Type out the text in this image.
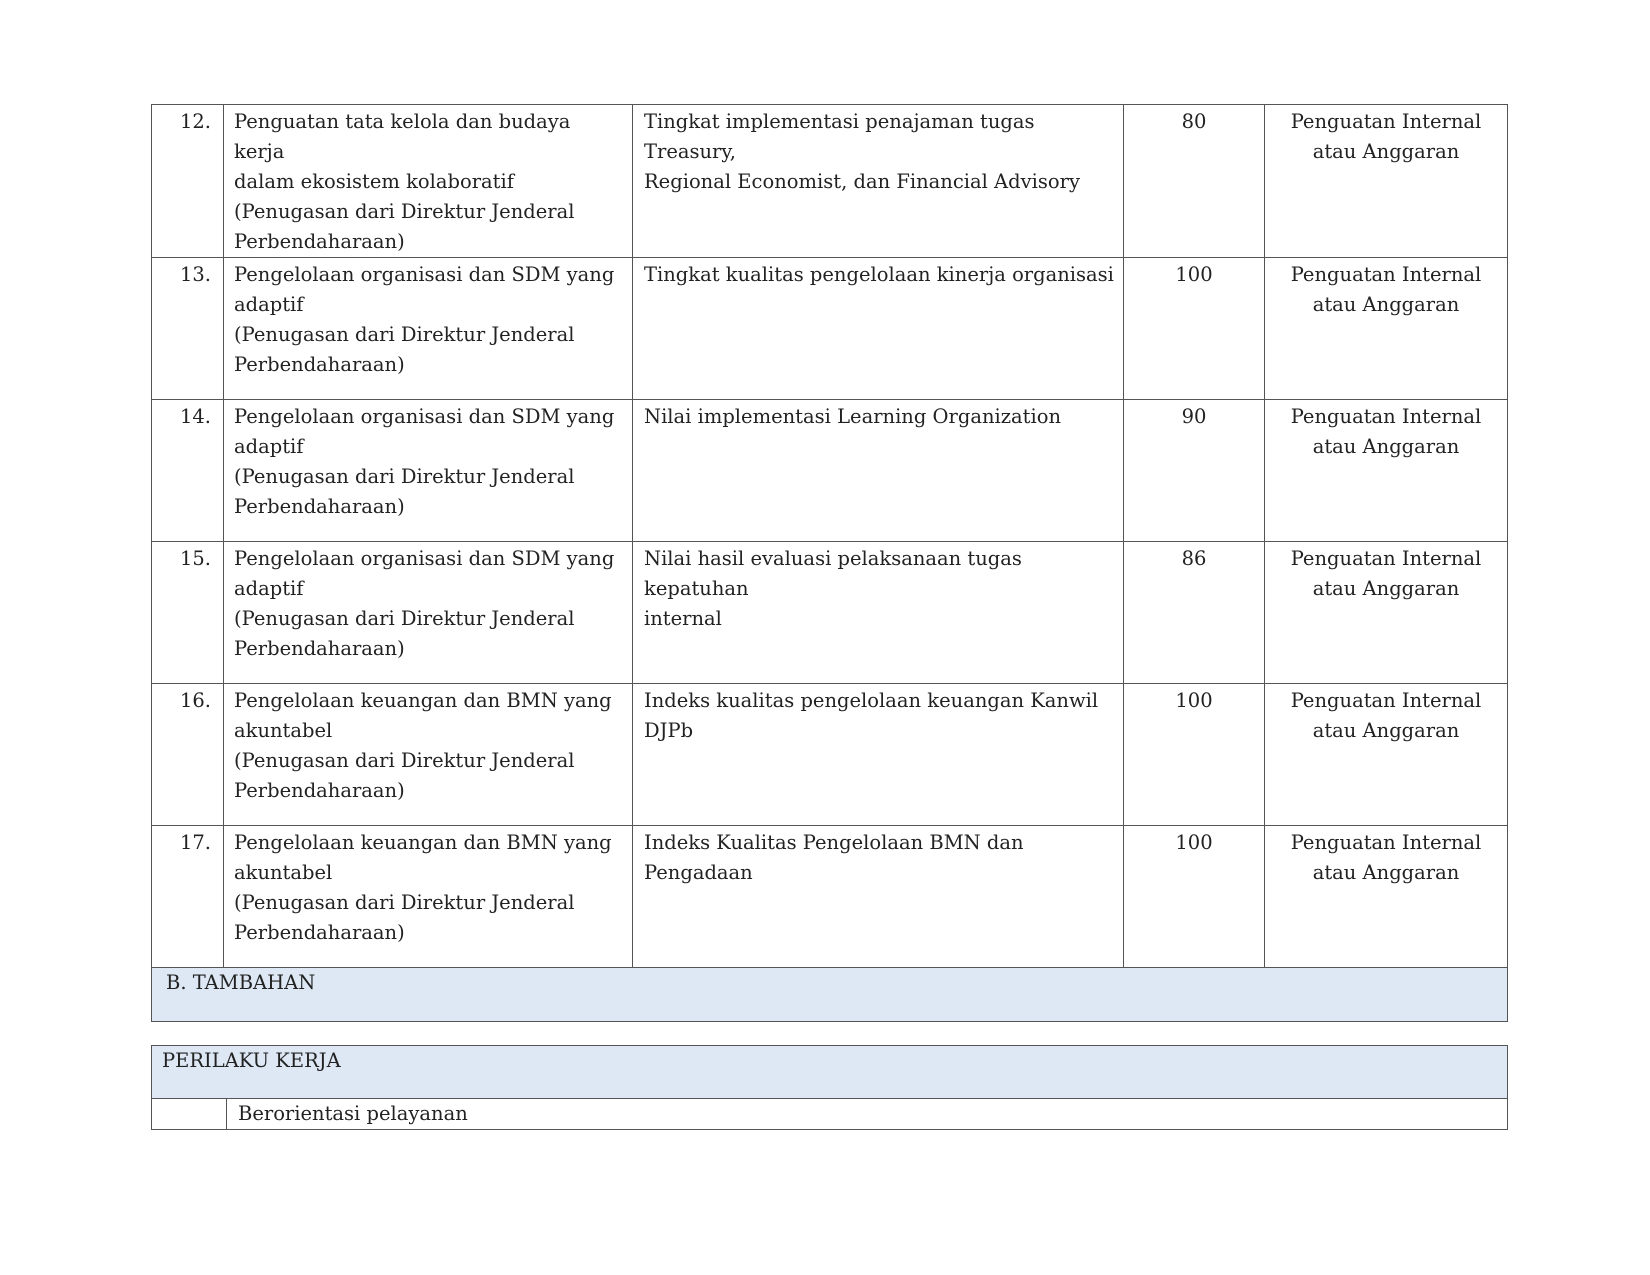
12.	Penguatan tata kelola dan budaya kerja
dalam ekosistem kolaboratif
(Penugasan dari Direktur Jenderal
Perbendaharaan)	Tingkat implementasi penajaman tugas Treasury,
Regional Economist, dan Financial Advisory	80	Penguatan Internal
atau Anggaran

13.	Pengelolaan organisasi dan SDM yang
adaptif
(Penugasan dari Direktur Jenderal
Perbendaharaan)	Tingkat kualitas pengelolaan kinerja organisasi	100	Penguatan Internal
atau Anggaran

14.	Pengelolaan organisasi dan SDM yang
adaptif
(Penugasan dari Direktur Jenderal
Perbendaharaan)	Nilai implementasi Learning Organization	90	Penguatan Internal
atau Anggaran

15.	Pengelolaan organisasi dan SDM yang
adaptif
(Penugasan dari Direktur Jenderal
Perbendaharaan)	Nilai hasil evaluasi pelaksanaan tugas kepatuhan
internal	86	Penguatan Internal
atau Anggaran

16.	Pengelolaan keuangan dan BMN yang
akuntabel
(Penugasan dari Direktur Jenderal
Perbendaharaan)	Indeks kualitas pengelolaan keuangan Kanwil
DJPb	100	Penguatan Internal
atau Anggaran

17.	Pengelolaan keuangan dan BMN yang
akuntabel
(Penugasan dari Direktur Jenderal
Perbendaharaan)	Indeks Kualitas Pengelolaan BMN dan
Pengadaan	100	Penguatan Internal
atau Anggaran

B. TAMBAHAN				
PERILAKU KERJA
	Berorientasi pelayanan
